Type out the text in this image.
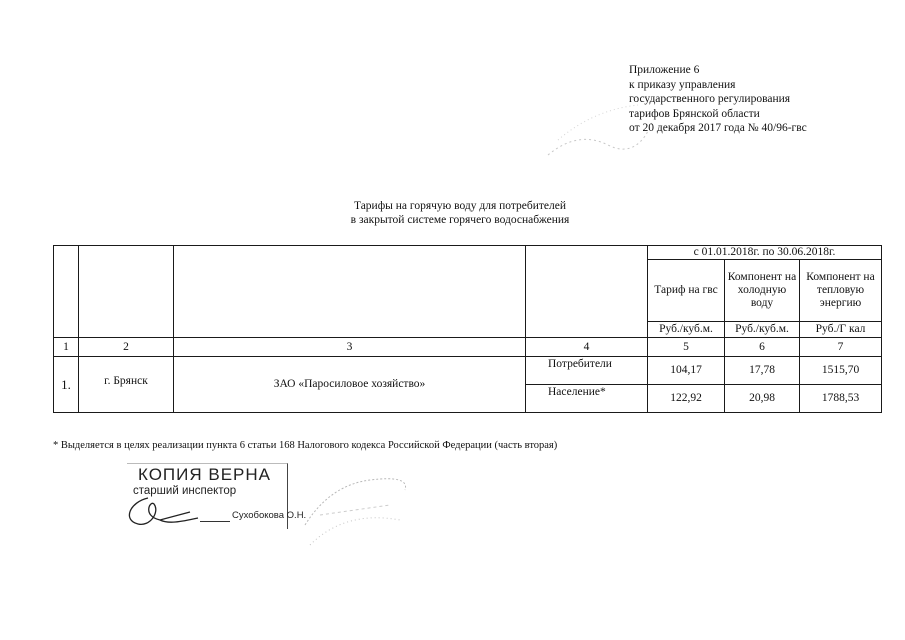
Приложение 6
к приказу управления
государственного регулирования
тарифов Брянской области
от 20 декабря 2017 года № 40/96-гвс
Тарифы на горячую воду для потребителей
в закрытой системе горячего водоснабжения
				с 01.01.2018г. по 30.06.2018г.		
				Тариф на гвс	Компонент на холодную воду	Компонент на тепловую энергию
				Руб./куб.м.	Руб./куб.м.	Руб./Г кал
1	2	3	4	5	6	7
1.	г. Брянск	ЗАО «Паросиловое хозяйство»	Потребители	104,17	17,78	1515,70
			Население*	122,92	20,98	1788,53
* Выделяется в целях реализации пункта 6 статьи 168 Налогового кодекса Российской Федерации (часть вторая)
КОПИЯ ВЕРНА
старший инспектор
Сухобокова О.Н.
